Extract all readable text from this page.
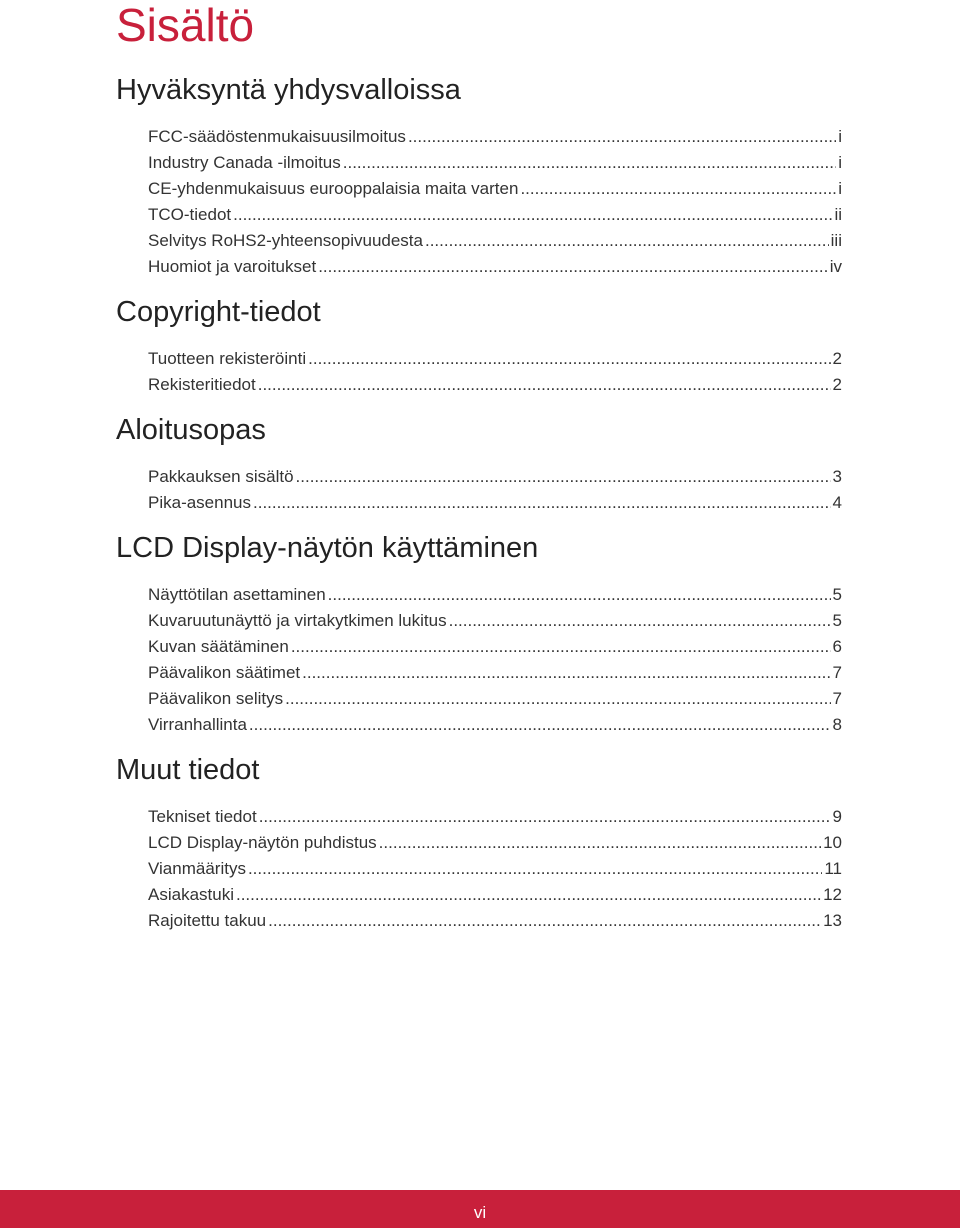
Sisältö
Hyväksyntä yhdysvalloissa
FCC-säädöstenmukaisuusilmoitus .....	i
Industry Canada -ilmoitus .....	i
CE-yhdenmukaisuus eurooppalaisia maita varten .....	i
TCO-tiedot .....	ii
Selvitys RoHS2-yhteensopivuudesta .....	iii
Huomiot ja varoitukset .....	iv
Copyright-tiedot
Tuotteen rekisteröinti .....	2
Rekisteritiedot .....	2
Aloitusopas
Pakkauksen sisältö .....	3
Pika-asennus .....	4
LCD Display-näytön käyttäminen
Näyttötilan asettaminen .....	5
Kuvaruutunäyttö ja virtakytkimen lukitus .....	5
Kuvan säätäminen .....	6
Päävalikon säätimet .....	7
Päävalikon selitys .....	7
Virranhallinta .....	8
Muut tiedot
Tekniset tiedot .....	9
LCD Display-näytön puhdistus .....	10
Vianmääritys .....	11
Asiakastuki .....	12
Rajoitettu takuu .....	13
vi
